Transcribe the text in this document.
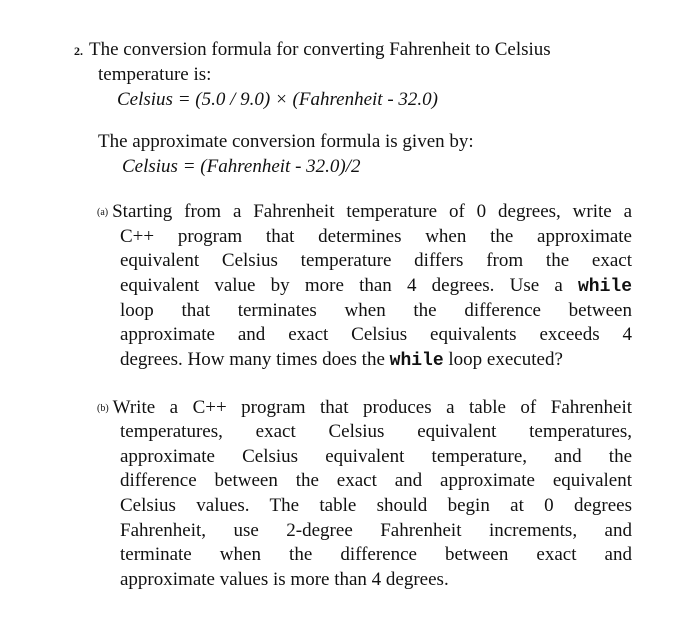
2. The conversion formula for converting Fahrenheit to Celsius
temperature is:
Celsius = (5.0 / 9.0) × (Fahrenheit - 32.0)
The approximate conversion formula is given by:
Celsius = (Fahrenheit - 32.0)/2
(a) Starting from a Fahrenheit temperature of 0 degrees, write a
C++ program that determines when the approximate
equivalent Celsius temperature differs from the exact
equivalent value by more than 4 degrees. Use a while
loop that terminates when the difference between
approximate and exact Celsius equivalents exceeds 4
degrees. How many times does the while loop executed?
(b) Write a C++ program that produces a table of Fahrenheit
temperatures, exact Celsius equivalent temperatures,
approximate Celsius equivalent temperature, and the
difference between the exact and approximate equivalent
Celsius values. The table should begin at 0 degrees
Fahrenheit, use 2-degree Fahrenheit increments, and
terminate when the difference between exact and
approximate values is more than 4 degrees.
